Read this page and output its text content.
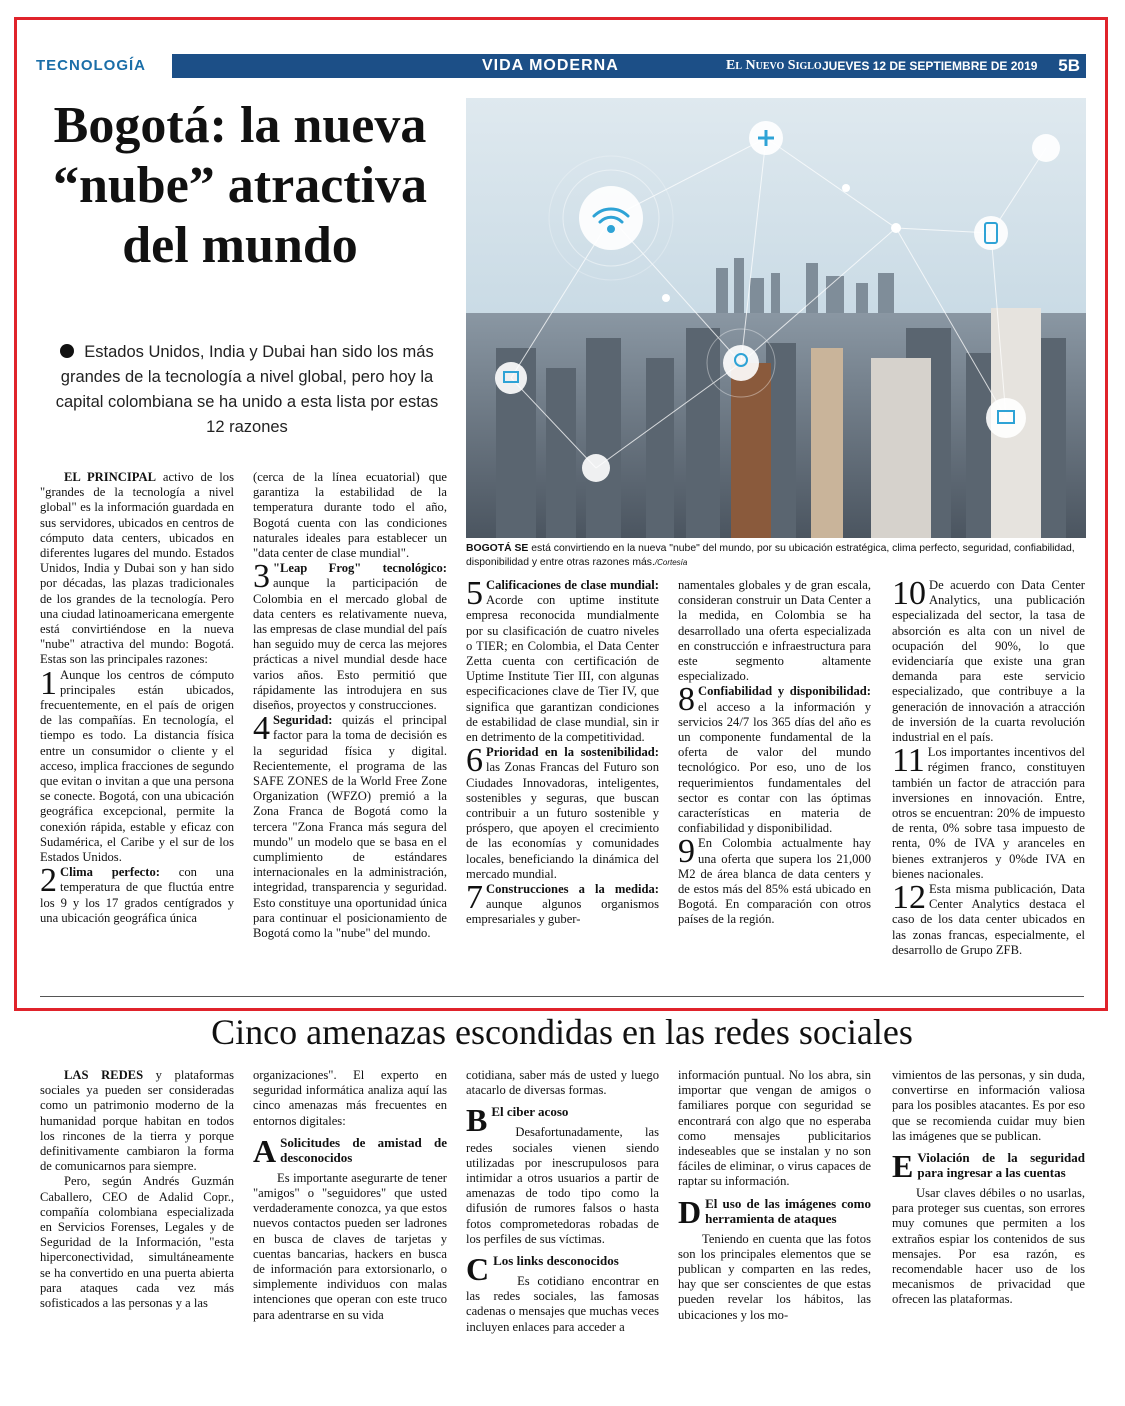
TECNOLOGÍA	VIDA MODERNA	El Nuevo Siglo JUEVES 12 DE SEPTIEMBRE DE 2019 5B
Bogotá: la nueva “nube” atractiva del mundo
Estados Unidos, India y Dubai han sido los más grandes de la tecnología a nivel global, pero hoy la capital colombiana se ha unido a esta lista por estas 12 razones
BOGOTÁ SE está convirtiendo en la nueva "nube" del mundo, por su ubicación estratégica, clima perfecto, seguridad, confiabilidad, disponibilidad y entre otras razones más./Cortesía

EL PRINCIPAL activo de los "grandes de la tecnología a nivel global" es la información guardada en sus servidores, ubicados en centros de cómputo data centers, ubicados en diferentes lugares del mundo. Estados Unidos, India y Dubai son y han sido por décadas, las plazas tradicionales de los grandes de la tecnología. Pero una ciudad latinoamericana emergente está convirtiéndose en la nueva "nube" atractiva del mundo: Bogotá. Estas son las principales razones:

1 Aunque los centros de cómputo principales están ubicados, frecuentemente, en el país de origen de las compañías. En tecnología, el tiempo es todo. La distancia física entre un consumidor o cliente y el acceso, implica fracciones de segundo que evitan o invitan a que una persona se conecte. Bogotá, con una ubicación geográfica excepcional, permite la conexión rápida, estable y eficaz con Sudamérica, el Caribe y el sur de los Estados Unidos.

2 Clima perfecto: con una temperatura de que fluctúa entre los 9 y los 17 grados centígrados y una ubicación geográfica única

(cerca de la línea ecuatorial) que garantiza la estabilidad de la temperatura durante todo el año, Bogotá cuenta con las condiciones naturales ideales para establecer un "data center de clase mundial".

3 "Leap Frog" tecnológico: aunque la participación de Colombia en el mercado global de data centers es relativamente nueva, las empresas de clase mundial del país han seguido muy de cerca las mejores prácticas a nivel mundial desde hace varios años. Esto permitió que rápidamente las introdujera en sus diseños, proyectos y construcciones.

4 Seguridad: quizás el principal factor para la toma de decisión es la seguridad física y digital. Recientemente, el programa de las SAFE ZONES de la World Free Zone Organization (WFZO) premió a la Zona Franca de Bogotá como la tercera "Zona Franca más segura del mundo" un modelo que se basa en el cumplimiento de estándares internacionales en la administración, integridad, transparencia y seguridad. Esto constituye una oportunidad única para continuar el posicionamiento de Bogotá como la "nube" del mundo.

5 Calificaciones de clase mundial: Acorde con uptime institute empresa reconocida mundialmente por su clasificación de cuatro niveles o TIER; en Colombia, el Data Center Zetta cuenta con certificación de Uptime Institute Tier III, con algunas especificaciones clave de Tier IV, que significa que garantizan condiciones de estabilidad de clase mundial, sin ir en detrimento de la competitividad.

6 Prioridad en la sostenibilidad: las Zonas Francas del Futuro son Ciudades Innovadoras, inteligentes, sostenibles y seguras, que buscan contribuir a un futuro sostenible y próspero, que apoyen el crecimiento de las economías y comunidades locales, beneficiando la dinámica del mercado mundial.

7 Construcciones a la medida: aunque algunos organismos empresariales y guber-

namentales globales y de gran escala, consideran construir un Data Center a la medida, en Colombia se ha desarrollado una oferta especializada en construcción e infraestructura para este segmento altamente especializado.

8 Confiabilidad y disponibilidad: el acceso a la información y servicios 24/7 los 365 días del año es un componente fundamental de la oferta de valor del mundo tecnológico. Por eso, uno de los requerimientos fundamentales del sector es contar con las óptimas características en materia de confiabilidad y disponibilidad.

9 En Colombia actualmente hay una oferta que supera los 21,000 M2 de área blanca de data centers y de estos más del 85% está ubicado en Bogotá. En comparación con otros países de la región.

10 De acuerdo con Data Center Analytics, una publicación especializada del sector, la tasa de absorción es alta con un nivel de ocupación del 90%, lo que evidenciaría que existe una gran demanda para este servicio especializado, que contribuye a la generación de innovación a atracción de inversión de la cuarta revolución industrial en el país.

11 Los importantes incentivos del régimen franco, constituyen también un factor de atracción para inversiones en innovación. Entre, otros se encuentran: 20% de impuesto de renta, 0% sobre tasa impuesto de renta, 0% de IVA y aranceles en bienes extranjeros y 0%de IVA en bienes nacionales.

12 Esta misma publicación, Data Center Analytics destaca el caso de los data center ubicados en las zonas francas, especialmente, el desarrollo de Grupo ZFB.

Cinco amenazas escondidas en las redes sociales

LAS REDES y plataformas sociales ya pueden ser consideradas como un patrimonio moderno de la humanidad porque habitan en todos los rincones de la tierra y porque definitivamente cambiaron la forma de comunicarnos para siempre.

Pero, según Andrés Guzmán Caballero, CEO de Adalid Copr., compañía colombiana especializada en Servicios Forenses, Legales y de Seguridad de la Información, "esta hiperconectividad, simultáneamente se ha convertido en una puerta abierta para ataques cada vez más sofisticados a las personas y a las

organizaciones". El experto en seguridad informática analiza aquí las cinco amenazas más frecuentes en entornos digitales:

A Solicitudes de amistad de desconocidos

Es importante asegurarte de tener "amigos" o "seguidores" que usted verdaderamente conozca, ya que estos nuevos contactos pueden ser ladrones en busca de claves de tarjetas y cuentas bancarias, hackers en busca de información para extorsionarlo, o simplemente individuos con malas intenciones que operan con este truco para adentrarse en su vida

cotidiana, saber más de usted y luego atacarlo de diversas formas.

B El ciber acoso

Desafortunadamente, las redes sociales vienen siendo utilizadas por inescrupulosos para intimidar a otros usuarios a partir de amenazas de todo tipo como la difusión de rumores falsos o hasta fotos comprometedoras robadas de los perfiles de sus víctimas.

C Los links desconocidos

Es cotidiano encontrar en las redes sociales, las famosas cadenas o mensajes que muchas veces incluyen enlaces para acceder a

información puntual. No los abra, sin importar que vengan de amigos o familiares porque con seguridad se encontrará con algo que no esperaba como mensajes publicitarios indeseables que se instalan y no son fáciles de eliminar, o virus capaces de raptar su información.

D El uso de las imágenes como herramienta de ataques

Teniendo en cuenta que las fotos son los principales elementos que se publican y comparten en las redes, hay que ser conscientes de que estas pueden revelar los hábitos, las ubicaciones y los mo-

vimientos de las personas, y sin duda, convertirse en información valiosa para los posibles atacantes. Es por eso que se recomienda cuidar muy bien las imágenes que se publican.

E Violación de la seguridad para ingresar a las cuentas

Usar claves débiles o no usarlas, para proteger sus cuentas, son errores muy comunes que permiten a los extraños espiar los contenidos de sus mensajes. Por esa razón, es recomendable hacer uso de los mecanismos de privacidad que ofrecen las plataformas.
